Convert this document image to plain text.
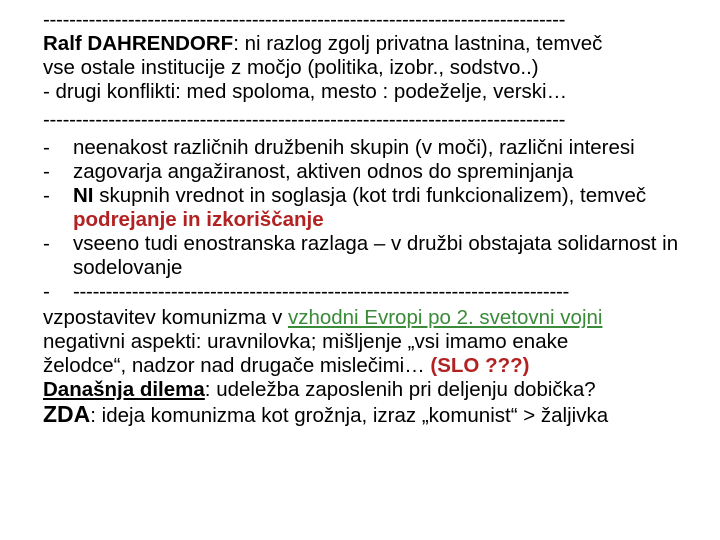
--------------------------------------------------------------------------------
Ralf DAHRENDORF: ni razlog zgolj privatna lastnina, temveč
vse ostale institucije z močjo (politika, izobr., sodstvo..)
- drugi konflikti: med spoloma, mesto : podeželje, verski…
--------------------------------------------------------------------------------
-	neenakost različnih družbenih skupin (v moči), različni interesi
-	zagovarja angažiranost, aktiven odnos do spreminjanja
-	NI skupnih vrednot in soglasja (kot trdi funkcionalizem), temveč podrejanje in izkoriščanje
-	vseeno tudi enostranska razlaga – v družbi obstajata solidarnost in sodelovanje
-	----------------------------------------------------------------------------
vzpostavitev komunizma v vzhodni Evropi po 2. svetovni vojni
negativni aspekti: uravnilovka; mišljenje „vsi imamo enake
želodce“, nadzor nad drugače mislečimi… (SLO ???)
Današnja dilema: udeležba zaposlenih pri deljenju dobička?
ZDA: ideja komunizma kot grožnja, izraz „komunist“ > žaljivka
